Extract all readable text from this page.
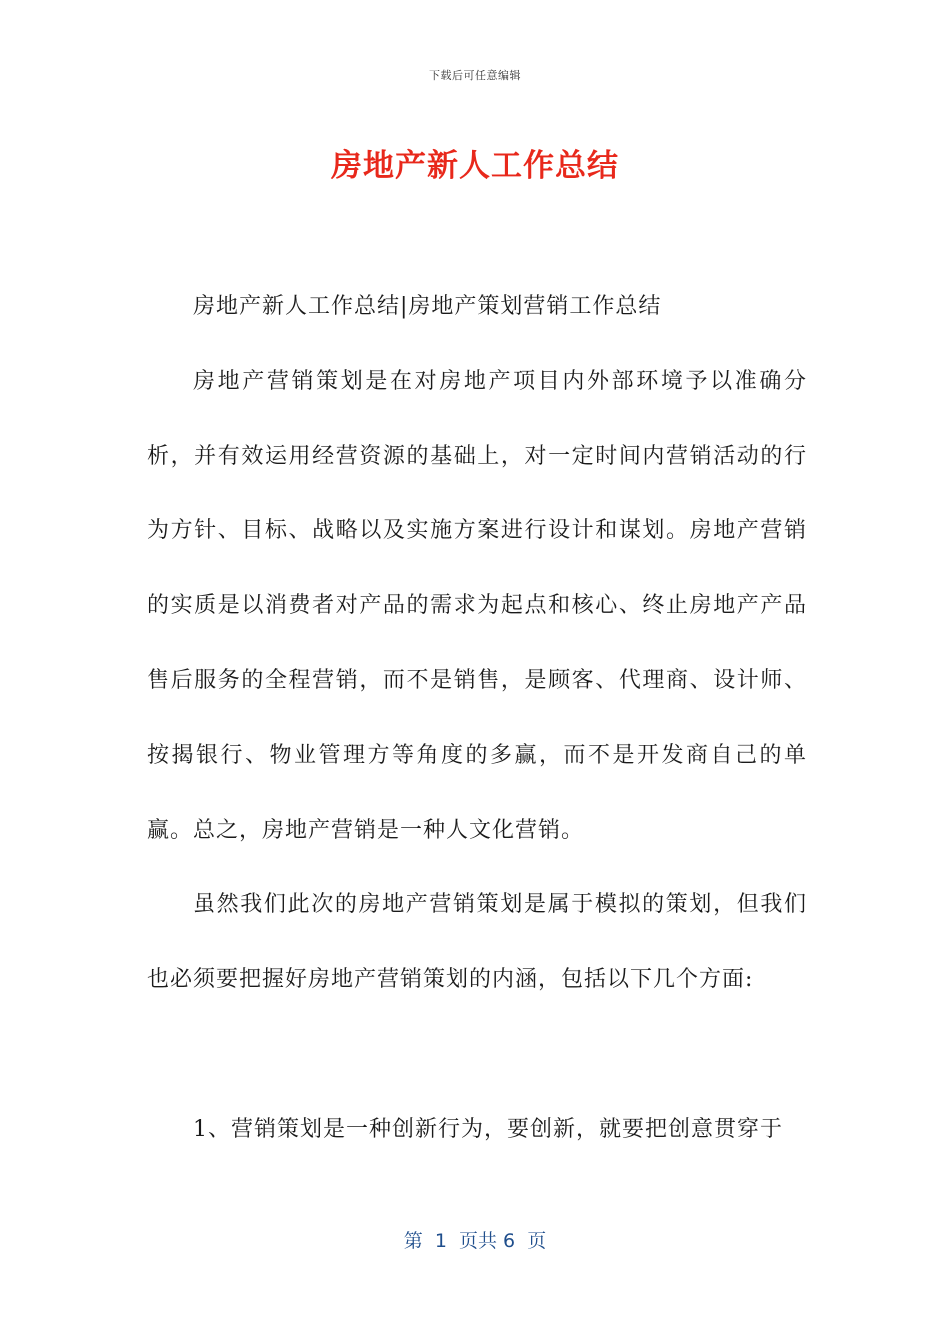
下载后可任意编辑
房地产新人工作总结

房地产新人工作总结|房地产策划营销工作总结

房地产营销策划是在对房地产项目内外部环境予以准确分析，并有效运用经营资源的基础上，对一定时间内营销活动的行为方针、目标、战略以及实施方案进行设计和谋划。房地产营销的实质是以消费者对产品的需求为起点和核心、终止房地产产品售后服务的全程营销，而不是销售，是顾客、代理商、设计师、按揭银行、物业管理方等角度的多赢，而不是开发商自己的单赢。总之，房地产营销是一种人文化营销。

虽然我们此次的房地产营销策划是属于模拟的策划，但我们也必须要把握好房地产营销策划的内涵，包括以下几个方面:

1、营销策划是一种创新行为，要创新，就要把创意贯穿于

第  1  页共 6  页
